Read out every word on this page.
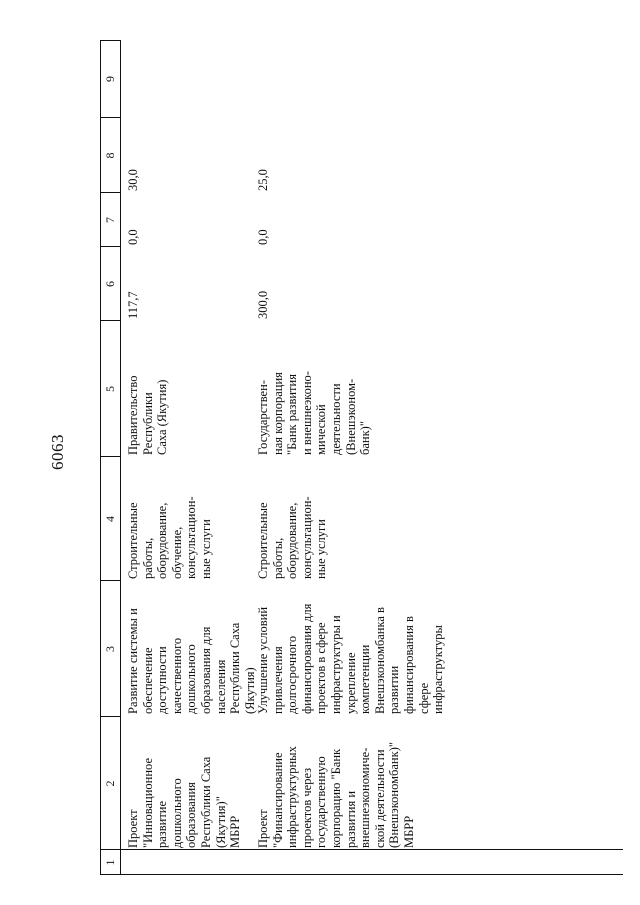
6063
1
2
3
4
5
6
7
8
9
Проект
"Инновационное
развитие
дошкольного
образования
Республики Саха
(Якутия)"
МБРР
Развитие системы и
обеспечение
доступности
качественного
дошкольного
образования для
населения
Республики Саха
(Якутия)
Строительные
работы,
оборудование,
обучение,
консультацион-
ные услуги
Правительство
Республики
Саха (Якутия)
117,7
0,0
30,0
Проект
"Финансирование
инфраструктурных
проектов через
государственную
корпорацию "Банк
развития и
внешнеэкономиче-
ской деятельности
(Внешэкономбанк)"
МБРР
Улучшение условий
привлечения
долгосрочного
финансирования для
проектов в сфере
инфраструктуры и
укрепление
компетенции
Внешэкономбанка в
развитии
финансирования в
сфере
инфраструктуры
Строительные
работы,
оборудование,
консультацион-
ные услуги
Государствен-
ная корпорация
"Банк развития
и внешнеэконо-
мической
деятельности
(Внешэконом-
банк)"
300,0
0,0
25,0
